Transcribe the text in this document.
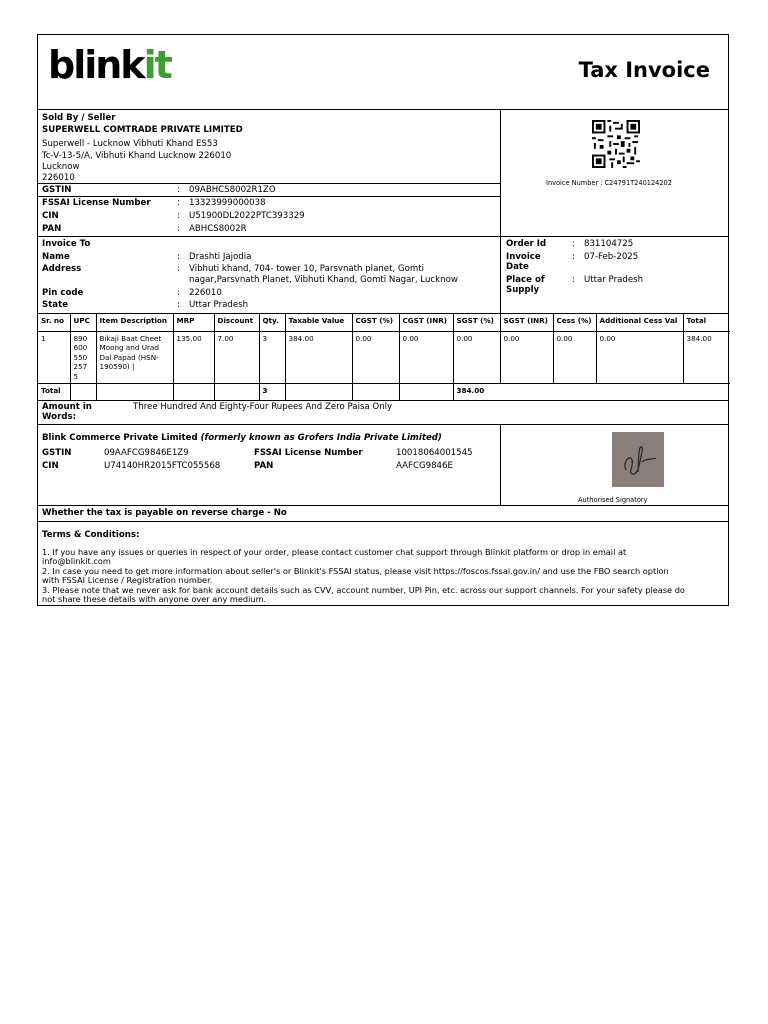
blinkit	Tax Invoice
Sold By / Seller
SUPERWELL COMTRADE PRIVATE LIMITED
Superwell - Lucknow Vibhuti Khand ES53
Tc-V-13-5/A, Vibhuti Khand Lucknow 226010
Lucknow
226010
GSTIN	: 09ABHCS8002R1ZO
FSSAI License Number	: 13323999000038
CIN	: U51900DL2022PTC393329
PAN	: ABHCS8002R
Invoice Number : C24791T240124202
Invoice To
Name	: Drashti Jajodia
Address	: Vibhuti khand, 704- tower 10, Parsvnath planet, Gomti
nagar,Parsvnath Planet, Vibhuti Khand, Gomti Nagar, Lucknow
Pin code	: 226010
State	: Uttar Pradesh
Order Id	: 831104725
Invoice
Date
: 07-Feb-2025
Place of
Supply
: Uttar Pradesh
Sr. no	UPC	Item Description	MRP	Discount	Qty.	Taxable Value	CGST (%)	CGST (INR)	SGST (%)	SGST (INR)	Cess (%)	Additional Cess Val	Total
1	890
600
550
257
5	Bikaji Baat Cheet
Moong and Urad
Dal Papad (HSN-
190590) |	135.00	7.00	3	384.00	0.00	0.00	0.00	0.00	0.00	0.00	384.00
Total					3				384.00				
Amount in
Words:
Three Hundred And Eighty-Four Rupees And Zero Paisa Only
Blink Commerce Private Limited (formerly known as Grofers India Private Limited)
GSTIN	09AAFCG9846E1Z9	FSSAI License Number	10018064001545
CIN	U74140HR2015FTC055568	PAN	AAFCG9846E
Authorised Signatory
Whether the tax is payable on reverse charge - No
Terms & Conditions:
1. If you have any issues or queries in respect of your order, please contact customer chat support through Blinkit platform or drop in email at
info@blinkit.com
2. In case you need to get more information about seller's or Blinkit's FSSAI status, please visit https://foscos.fssai.gov.in/ and use the FBO search option
with FSSAI License / Registration number.
3. Please note that we never ask for bank account details such as CVV, account number, UPI Pin, etc. across our support channels. For your safety please do
not share these details with anyone over any medium.
